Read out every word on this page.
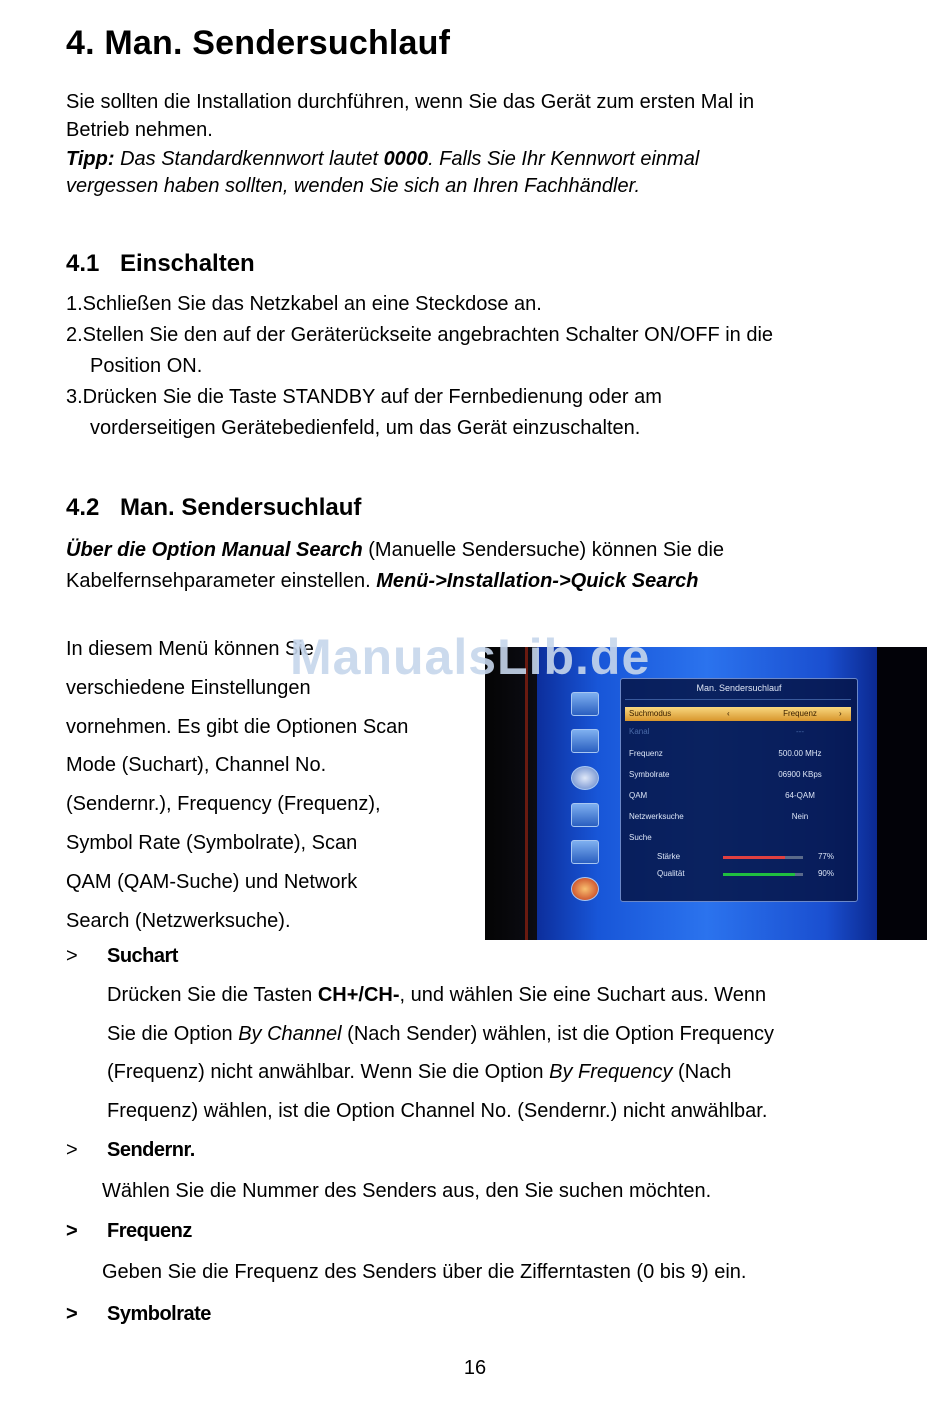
4. Man. Sendersuchlauf
Sie sollten die Installation durchführen, wenn Sie das Gerät zum ersten Mal in
Betrieb nehmen.
Tipp: Das Standardkennwort lautet 0000. Falls Sie Ihr Kennwort einmal
vergessen haben sollten, wenden Sie sich an Ihren Fachhändler.
4.1 Einschalten
1.Schließen Sie das Netzkabel an eine Steckdose an.
2.Stellen Sie den auf der Geräterückseite angebrachten Schalter ON/OFF in die
Position ON.
3.Drücken Sie die Taste STANDBY auf der Fernbedienung oder am
vorderseitigen Gerätebedienfeld, um das Gerät einzuschalten.
4.2 Man. Sendersuchlauf
Über die Option Manual Search (Manuelle Sendersuche) können Sie die
Kabelfernsehparameter einstellen. Menü->Installation->Quick Search
In diesem Menü können Sie
verschiedene Einstellungen
vornehmen. Es gibt die Optionen Scan
Mode (Suchart), Channel No.
(Sendernr.), Frequency (Frequenz),
Symbol Rate (Symbolrate), Scan
QAM (QAM-Suche) und Network
Search (Netzwerksuche).
Man. Sendersuchlauf
Suchmodus	‹	Frequenz	›
Kanal	---
Frequenz	500.00 MHz
Symbolrate	06900 KBps
QAM	64-QAM
Netzwerksuche	Nein
Suche
Stärke	77%
Qualität	90%
ManualsLib.de
> Suchart
Drücken Sie die Tasten CH+/CH-, und wählen Sie eine Suchart aus. Wenn
Sie die Option By Channel (Nach Sender) wählen, ist die Option Frequency
(Frequenz) nicht anwählbar. Wenn Sie die Option By Frequency (Nach
Frequenz) wählen, ist die Option Channel No. (Sendernr.) nicht anwählbar.
> Sendernr.
Wählen Sie die Nummer des Senders aus, den Sie suchen möchten.
> Frequenz
Geben Sie die Frequenz des Senders über die Zifferntasten (0 bis 9) ein.
> Symbolrate
16
